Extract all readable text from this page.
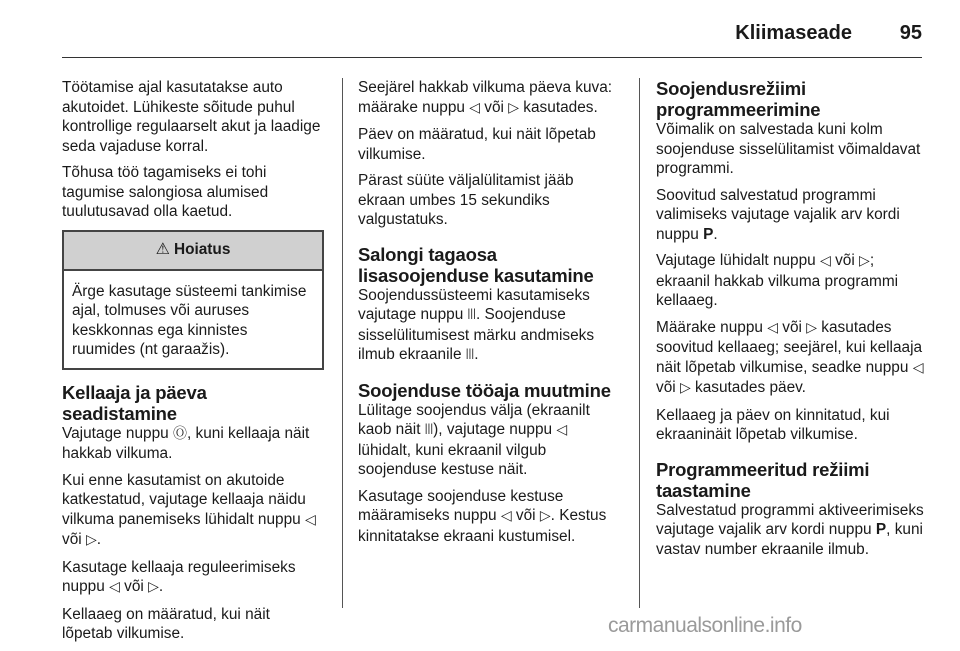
Kliimaseade 95

Töötamise ajal kasutatakse auto akutoidet. Lühikeste sõitude puhul kontrollige regulaarselt akut ja laadige seda vajaduse korral.

Tõhusa töö tagamiseks ei tohi tagumise salongiosa alumised tuulutusavad olla kaetud.

⚠ Hoiatus
Ärge kasutage süsteemi tankimise ajal, tolmuses või auruses keskkonnas ega kinnistes ruumides (nt garaažis).
Kellaaja ja päeva seadistamine

Vajutage nuppu Ⓞ, kuni kellaaja näit hakkab vilkuma.

Kui enne kasutamist on akutoide katkestatud, vajutage kellaaja näidu vilkuma panemiseks lühidalt nuppu ◁ või ▷.

Kasutage kellaaja reguleerimiseks nuppu ◁ või ▷.

Kellaaeg on määratud, kui näit lõpetab vilkumise.

Seejärel hakkab vilkuma päeva kuva: määrake nuppu ◁ või ▷ kasutades.

Päev on määratud, kui näit lõpetab vilkumise.

Pärast süüte väljalülitamist jääb ekraan umbes 15 sekundiks valgustatuks.

Salongi tagaosa lisasoojenduse kasutamine

Soojendussüsteemi kasutamiseks vajutage nuppu ꔖ. Soojenduse sisselülitumisest märku andmiseks ilmub ekraanile ꔖ.

Soojenduse tööaja muutmine

Lülitage soojendus välja (ekraanilt kaob näit ꔖ), vajutage nuppu ◁ lühidalt, kuni ekraanil vilgub soojenduse kestuse näit.

Kasutage soojenduse kestuse määramiseks nuppu ◁ või ▷. Kestus kinnitatakse ekraani kustumisel.

Soojendusrežiimi programmeerimine

Võimalik on salvestada kuni kolm soojenduse sisselülitamist võimaldavat programmi.

Soovitud salvestatud programmi valimiseks vajutage vajalik arv kordi nuppu P.

Vajutage lühidalt nuppu ◁ või ▷; ekraanil hakkab vilkuma programmi kellaaeg.

Määrake nuppu ◁ või ▷ kasutades soovitud kellaaeg; seejärel, kui kellaaja näit lõpetab vilkumise, seadke nuppu ◁ või ▷ kasutades päev.

Kellaaeg ja päev on kinnitatud, kui ekraaninäit lõpetab vilkumise.

Programmeeritud režiimi taastamine

Salvestatud programmi aktiveerimiseks vajutage vajalik arv kordi nuppu P, kuni vastav number ekraanile ilmub.

carmanualsonline.info
